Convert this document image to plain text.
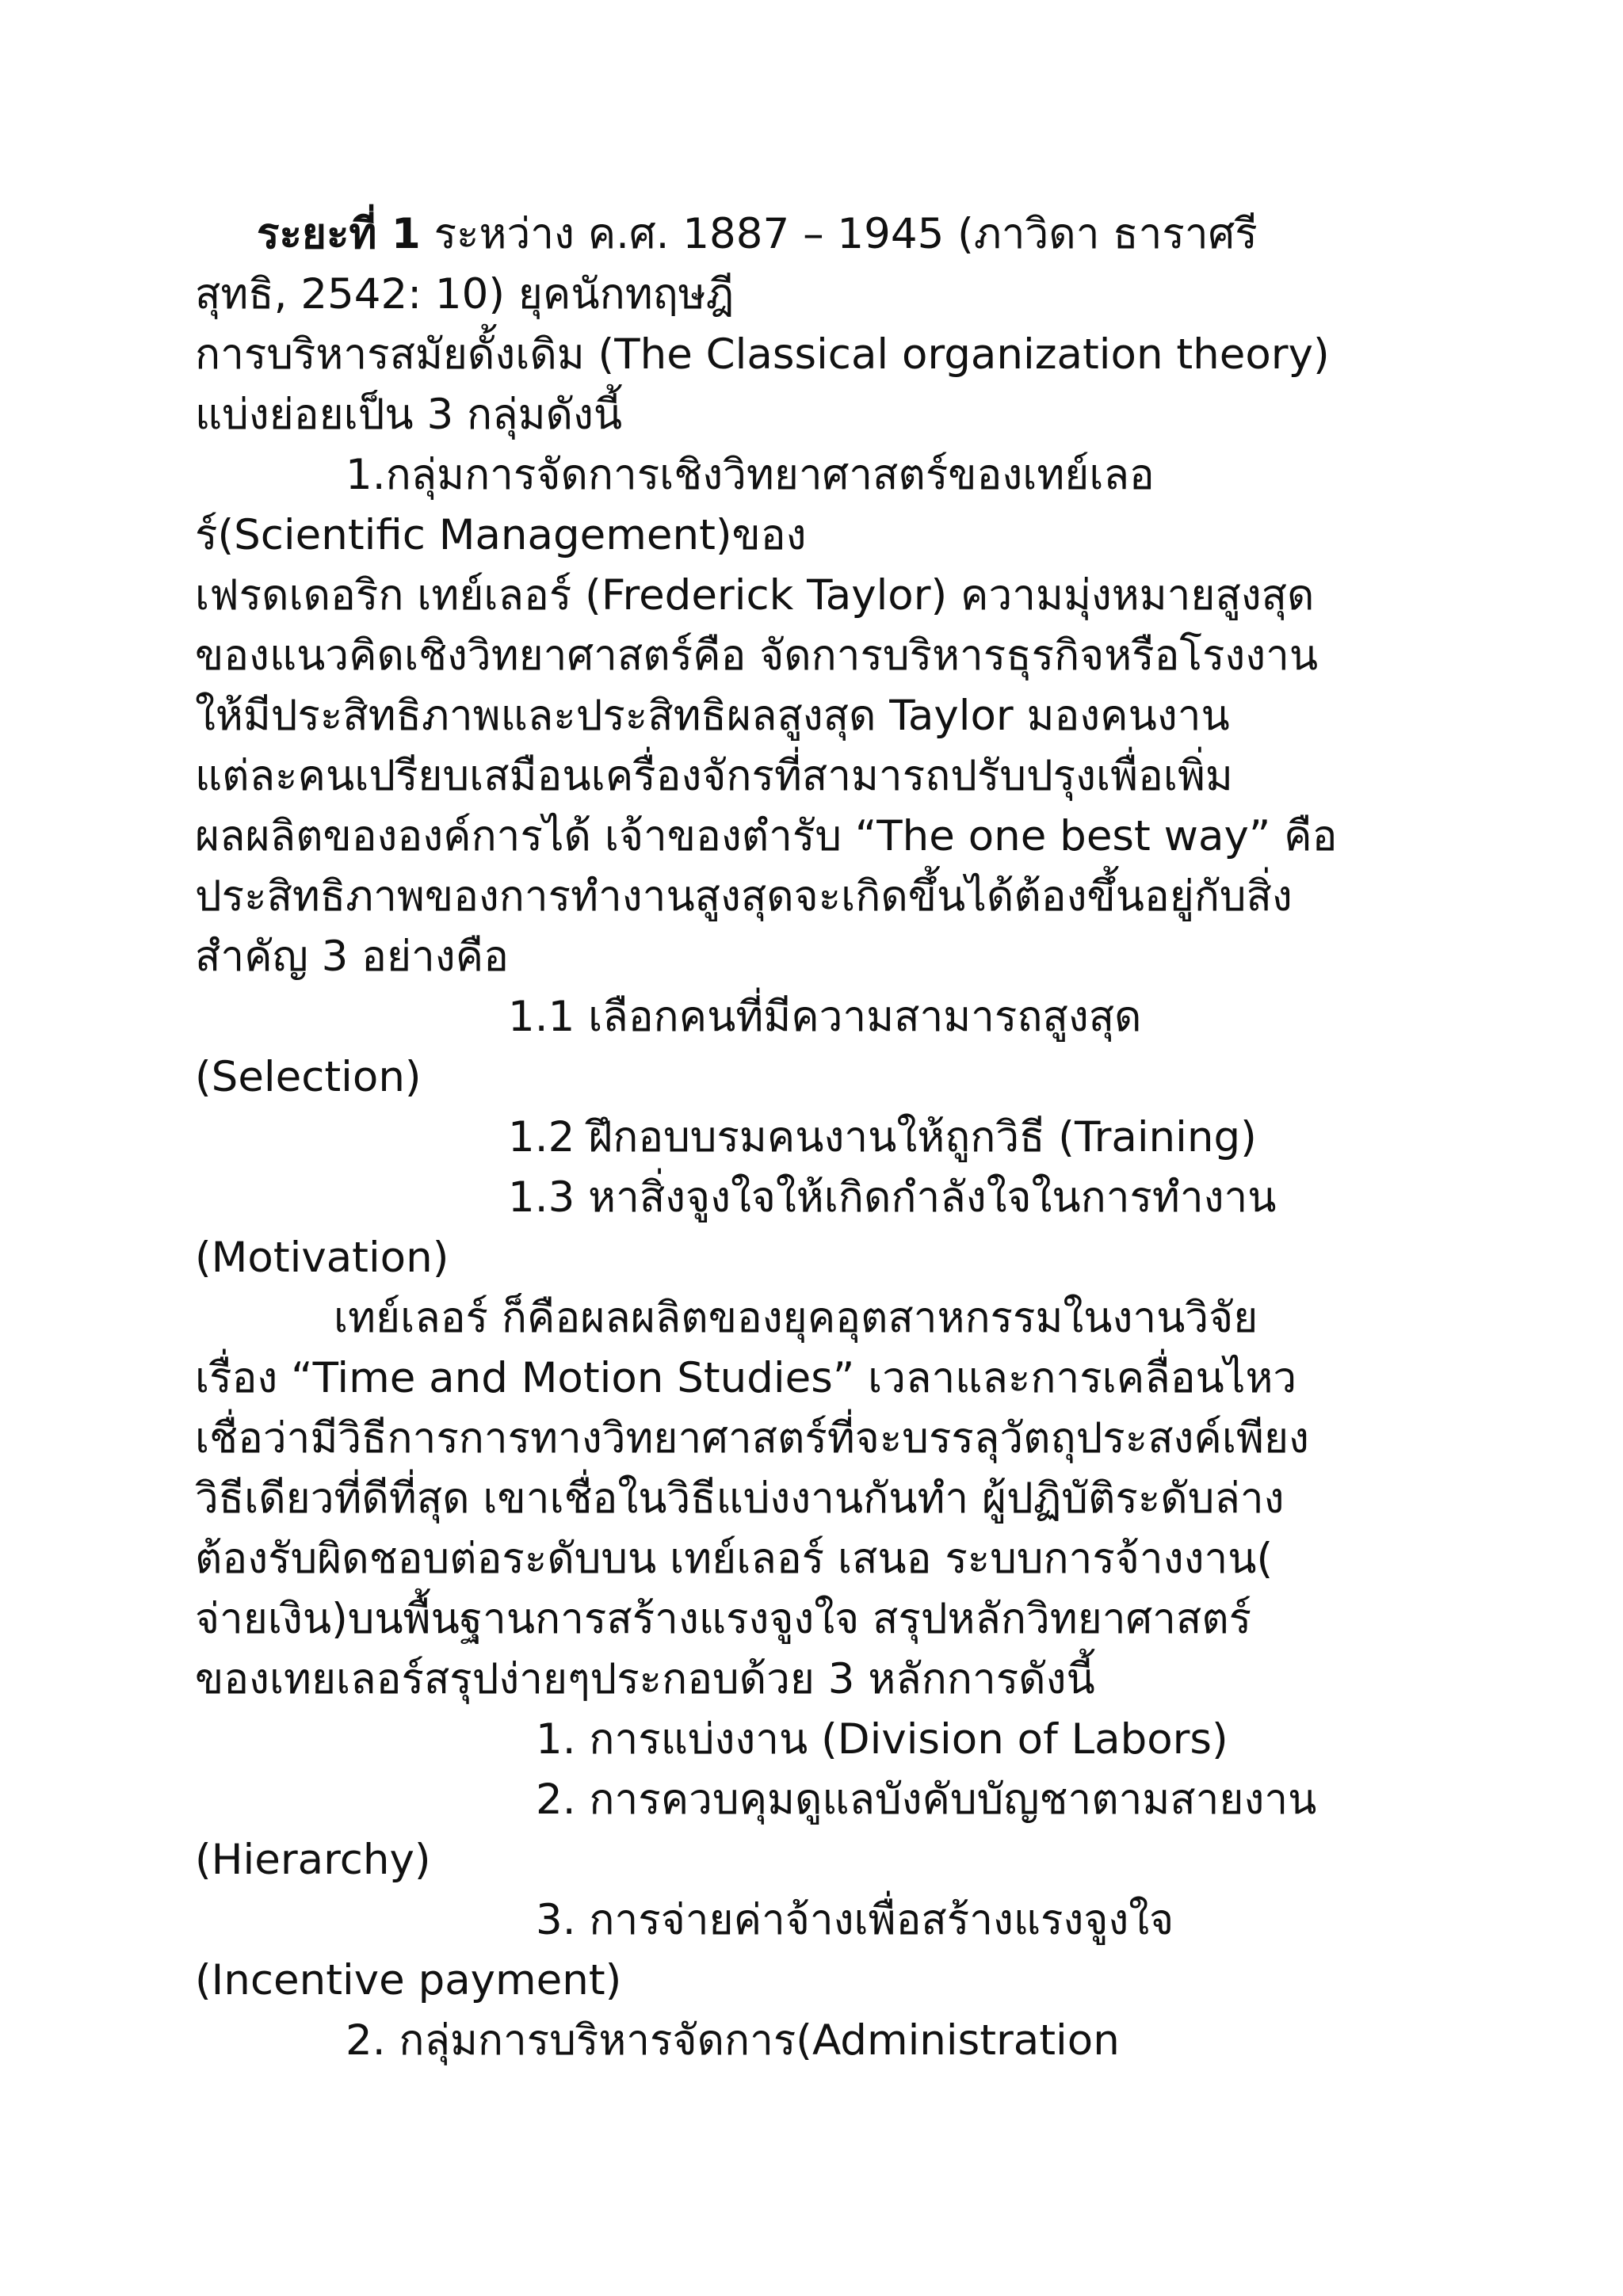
ระยะที่ 1 ระหว่าง ค.ศ. 1887 – 1945 (ภาวิดา ธาราศรี
สุทธิ, 2542: 10) ยุคนักทฤษฎี
การบริหารสมัยดั้งเดิม (The Classical organization theory)
แบ่งย่อยเป็น 3 กลุ่มดังนี้
1.กลุ่มการจัดการเชิงวิทยาศาสตร์ของเทย์เลอ
ร์(Scientific Management)ของ
เฟรดเดอริก เทย์เลอร์ (Frederick Taylor) ความมุ่งหมายสูงสุด
ของแนวคิดเชิงวิทยาศาสตร์คือ จัดการบริหารธุรกิจหรือโรงงาน
ให้มีประสิทธิภาพและประสิทธิผลสูงสุด Taylor มองคนงาน
แต่ละคนเปรียบเสมือนเครื่องจักรที่สามารถปรับปรุงเพื่อเพิ่ม
ผลผลิตขององค์การได้ เจ้าของตำรับ “The one best way” คือ
ประสิทธิภาพของการทำงานสูงสุดจะเกิดขึ้นได้ต้องขึ้นอยู่กับสิ่ง
สำคัญ 3 อย่างคือ
1.1 เลือกคนที่มีความสามารถสูงสุด
(Selection)
1.2 ฝึกอบบรมคนงานให้ถูกวิธี (Training)
1.3 หาสิ่งจูงใจให้เกิดกำลังใจในการทำงาน
(Motivation)
เทย์เลอร์ ก็คือผลผลิตของยุคอุตสาหกรรมในงานวิจัย
เรื่อง “Time and Motion Studies” เวลาและการเคลื่อนไหว
เชื่อว่ามีวิธีการการทางวิทยาศาสตร์ที่จะบรรลุวัตถุประสงค์เพียง
วิธีเดียวที่ดีที่สุด เขาเชื่อในวิธีแบ่งงานกันทำ ผู้ปฏิบัติระดับล่าง
ต้องรับผิดชอบต่อระดับบน เทย์เลอร์ เสนอ ระบบการจ้างงาน(
จ่ายเงิน)บนพื้นฐานการสร้างแรงจูงใจ สรุปหลักวิทยาศาสตร์
ของเทยเลอร์สรุปง่ายๆประกอบด้วย 3 หลักการดังนี้
1. การแบ่งงาน (Division of Labors)
2. การควบคุมดูแลบังคับบัญชาตามสายงาน
(Hierarchy)
3. การจ่ายค่าจ้างเพื่อสร้างแรงจูงใจ
(Incentive payment)
2. กลุ่มการบริหารจัดการ(Administration
